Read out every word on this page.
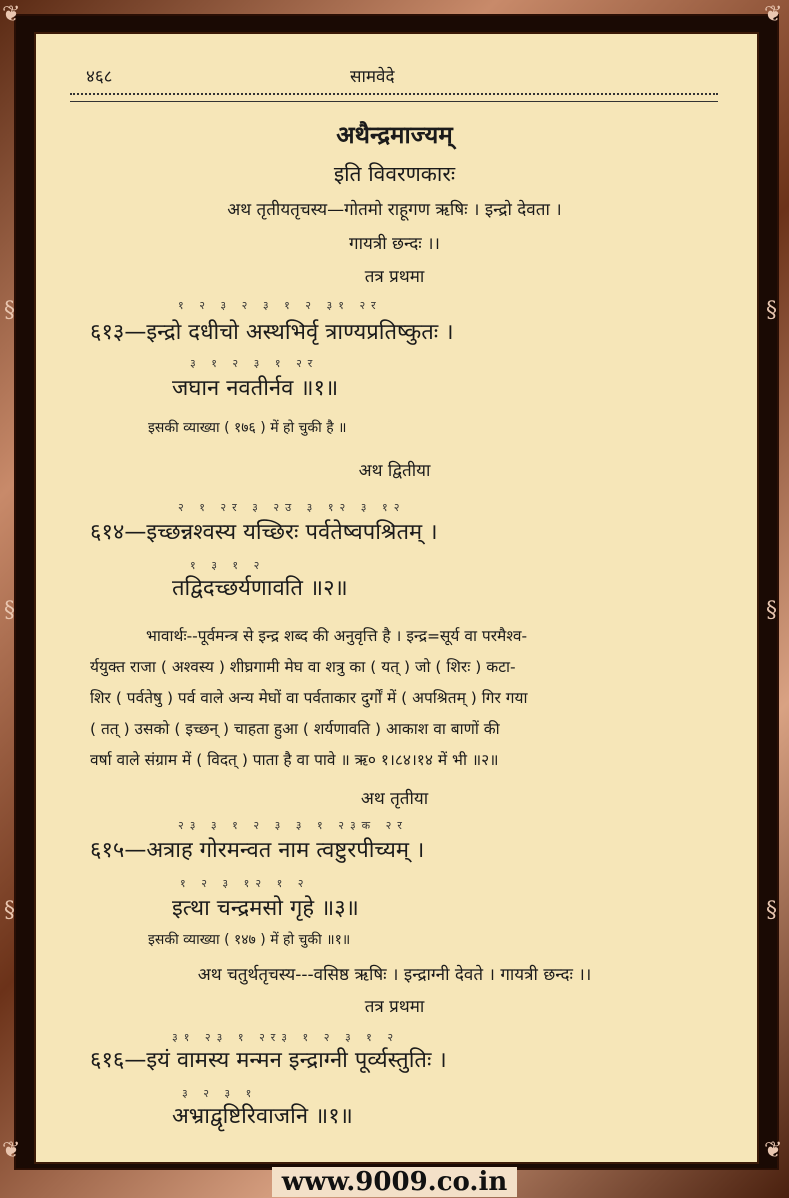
❦	❦
❦	❦
§
§
§
§
§
§
४६८	सामवेदे
अथैन्द्रमाज्यम्
इति विवरणकारः
अथ तृतीयतृचस्य—गोतमो राहूगण ऋषिः । इन्द्रो देवता ।
गायत्री छन्दः ।।
तत्र प्रथमा
१ २ ३ २ ३ १ २ ३१ २र
६१३—इन्द्रो दधीचो अस्थभिर्वृ त्राण्यप्रतिष्कुतः ।
३ १ २ ३ १ २र
जघान नवतीर्नव ॥१॥
इसकी व्याख्या ( १७६ ) में हो चुकी है ॥
अथ द्वितीया
२ १ २र ३ २उ ३ १२ ३ १२
६१४—इच्छन्नश्वस्य यच्छिरः पर्वतेष्वपश्रितम् ।
१ ३ १ २
तद्विदच्छर्यणावति ॥२॥
भावार्थः--पूर्वमन्त्र से इन्द्र शब्द की अनुवृत्ति है । इन्द्र=सूर्य वा परमैश्व-
र्ययुक्त राजा ( अश्वस्य ) शीघ्रगामी मेघ वा शत्रु का ( यत् ) जो ( शिरः ) कटा-
शिर ( पर्वतेषु ) पर्व वाले अन्य मेघों वा पर्वताकार दुर्गों में ( अपश्रितम् ) गिर गया
( तत् ) उसको ( इच्छन् ) चाहता हुआ ( शर्यणावति ) आकाश वा बाणों की
वर्षा वाले संग्राम में ( विदत् ) पाता है वा पावे ॥ ऋ० १।८४।१४ में भी ॥२॥
अथ तृतीया
२३ ३ १ २ ३ ३ १ २३क २र
६१५—अत्राह गोरमन्वत नाम त्वष्टुरपीच्यम् ।
१ २ ३ १२ १ २
इत्था चन्द्रमसो गृहे ॥३॥
इसकी व्याख्या ( १४७ ) में हो चुकी ॥१॥
अथ चतुर्थतृचस्य---वसिष्ठ ऋषिः । इन्द्राग्नी देवते । गायत्री छन्दः ।।
तत्र प्रथमा
३१ २३ १ २र३ १ २ ३ १ २
६१६—इयं वामस्य मन्मन इन्द्राग्नी पूर्व्यस्तुतिः ।
३ २ ३ १
अभ्राद्वृष्टिरिवाजनि ॥१॥
www.9009.co.in
